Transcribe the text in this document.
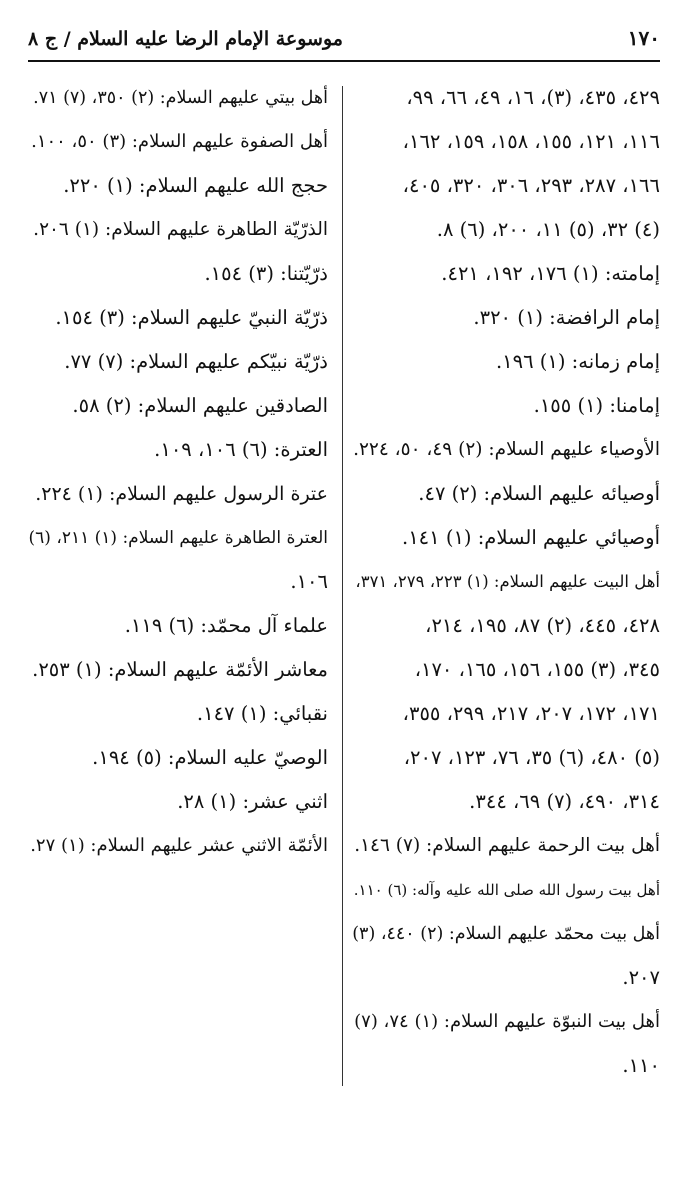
١٧٠
موسوعة الإمام الرضا عليه السلام / ج ٨
٤٢٩، ٤٣٥، (٣)، ١٦، ٤٩، ٦٦، ٩٩،
١١٦، ١٢١، ١٥٥، ١٥٨، ١٥٩، ١٦٢،
١٦٦، ٢٨٧، ٢٩٣، ٣٠٦، ٣٢٠، ٤٠٥،
(٤) ٣٢، (٥) ١١، ٢٠٠، (٦) ٨.
إمامته: (١) ١٧٦، ١٩٢، ٤٢١.
إمام الرافضة: (١) ٣٢٠.
إمام زمانه: (١) ١٩٦.
إمامنا: (١) ١٥٥.
الأوصياء عليهم السلام: (٢) ٤٩، ٥٠، ٢٢٤.
أوصيائه عليهم السلام: (٢) ٤٧.
أوصيائي عليهم السلام: (١) ١٤١.
أهل البيت عليهم السلام: (١) ٢٢٣، ٢٧٩، ٣٧١،
٤٢٨، ٤٤٥، (٢) ٨٧، ١٩٥، ٢١٤،
٣٤٥، (٣) ١٥٥، ١٥٦، ١٦٥، ١٧٠،
١٧١، ١٧٢، ٢٠٧، ٢١٧، ٢٩٩، ٣٥٥،
(٥) ٤٨٠، (٦) ٣٥، ٧٦، ١٢٣، ٢٠٧،
٣١٤، ٤٩٠، (٧) ٦٩، ٣٤٤.
أهل بيت الرحمة عليهم السلام: (٧) ١٤٦.
أهل بيت رسول الله صلى الله عليه وآله: (٦) ١١٠.
أهل بيت محمّد عليهم السلام: (٢) ٤٤٠، (٣)
٢٠٧.
أهل بيت النبوّة عليهم السلام: (١) ٧٤، (٧)
١١٠.
أهل بيتي عليهم السلام: (٢) ٣٥٠، (٧) ٧١.
أهل الصفوة عليهم السلام: (٣) ٥٠، ١٠٠.
حجج الله عليهم السلام: (١) ٢٢٠.
الذرّيّة الطاهرة عليهم السلام: (١) ٢٠٦.
ذرّيّتنا: (٣) ١٥٤.
ذرّيّة النبيّ عليهم السلام: (٣) ١٥٤.
ذرّيّة نبيّكم عليهم السلام: (٧) ٧٧.
الصادقين عليهم السلام: (٢) ٥٨.
العترة: (٦) ١٠٦، ١٠٩.
عترة الرسول عليهم السلام: (١) ٢٢٤.
العترة الطاهرة عليهم السلام: (١) ٢١١، (٦)
١٠٦.
علماء آل محمّد: (٦) ١١٩.
معاشر الأئمّة عليهم السلام: (١) ٢٥٣.
نقبائي: (١) ١٤٧.
الوصيّ عليه السلام: (٥) ١٩٤.
اثني عشر: (١) ٢٨.
الأئمّة الاثني عشر عليهم السلام: (١) ٢٧.
